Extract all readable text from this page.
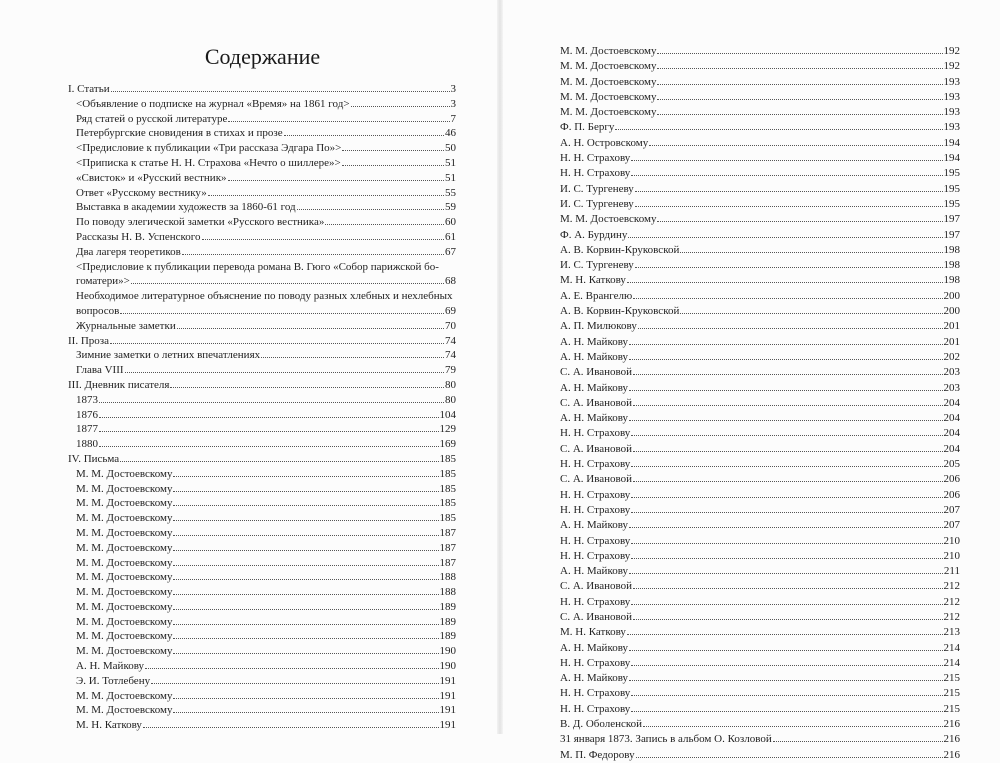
Содержание
I. Статьи	3
<Объявление о подписке на журнал «Время» на 1861 год>	3
Ряд статей о русской литературе	7
Петербургские сновидения в стихах и прозе	46
<Предисловие к публикации «Три рассказа Эдгара По»>	50
<Приписка к статье Н. Н. Страхова «Нечто о шиллере»>	51
«Свисток» и «Русский вестник»	51
Ответ «Русскому вестнику»	55
Выставка в академии художеств за 1860-61 год	59
По поводу элегической заметки «Русского вестника»	60
Рассказы Н. В. Успенского	61
Два лагеря теоретиков	67
<Предисловие к публикации перевода романа В. Гюго «Собор парижской бо-
гоматери»>	68
Необходимое литературное объяснение по поводу разных хлебных и нехлебных
вопросов	69
Журнальные заметки	70
II. Проза	74
Зимние заметки о летних впечатлениях	74
Глава VIII	79
III. Дневник писателя	80
1873	80
1876	104
1877	129
1880	169
IV. Письма	185
М. М. Достоевскому	185
М. М. Достоевскому	185
М. М. Достоевскому	185
М. М. Достоевскому	185
М. М. Достоевскому	187
М. М. Достоевскому	187
М. М. Достоевскому	187
М. М. Достоевскому	188
М. М. Достоевскому	188
М. М. Достоевскому	189
М. М. Достоевскому	189
М. М. Достоевскому	189
М. М. Достоевскому	190
А. Н. Майкову	190
Э. И. Тотлебену	191
М. М. Достоевскому	191
М. М. Достоевскому	191
М. Н. Каткову	191
М. М. Достоевскому	192
М. М. Достоевскому	192
М. М. Достоевскому	193
М. М. Достоевскому	193
М. М. Достоевскому	193
Ф. П. Бергу	193
А. Н. Островскому	194
Н. Н. Страхову	194
Н. Н. Страхову	195
И. С. Тургеневу	195
И. С. Тургеневу	195
М. М. Достоевскому	197
Ф. А. Бурдину	197
А. В. Корвин-Круковской	198
И. С. Тургеневу	198
М. Н. Каткову	198
А. Е. Врангелю	200
А. В. Корвин-Круковской	200
А. П. Милюкову	201
А. Н. Майкову	201
А. Н. Майкову	202
С. А. Ивановой	203
А. Н. Майкову	203
С. А. Ивановой	204
А. Н. Майкову	204
Н. Н. Страхову	204
С. А. Ивановой	204
Н. Н. Страхову	205
С. А. Ивановой	206
Н. Н. Страхову	206
Н. Н. Страхову	207
А. Н. Майкову	207
Н. Н. Страхову	210
Н. Н. Страхову	210
А. Н. Майкову	211
С. А. Ивановой	212
Н. Н. Страхову	212
С. А. Ивановой	212
М. Н. Каткову	213
А. Н. Майкову	214
Н. Н. Страхову	214
А. Н. Майкову	215
Н. Н. Страхову	215
Н. Н. Страхову	215
В. Д. Оболенской	216
31 января 1873. Запись в альбом О. Козловой	216
М. П. Федорову	216
